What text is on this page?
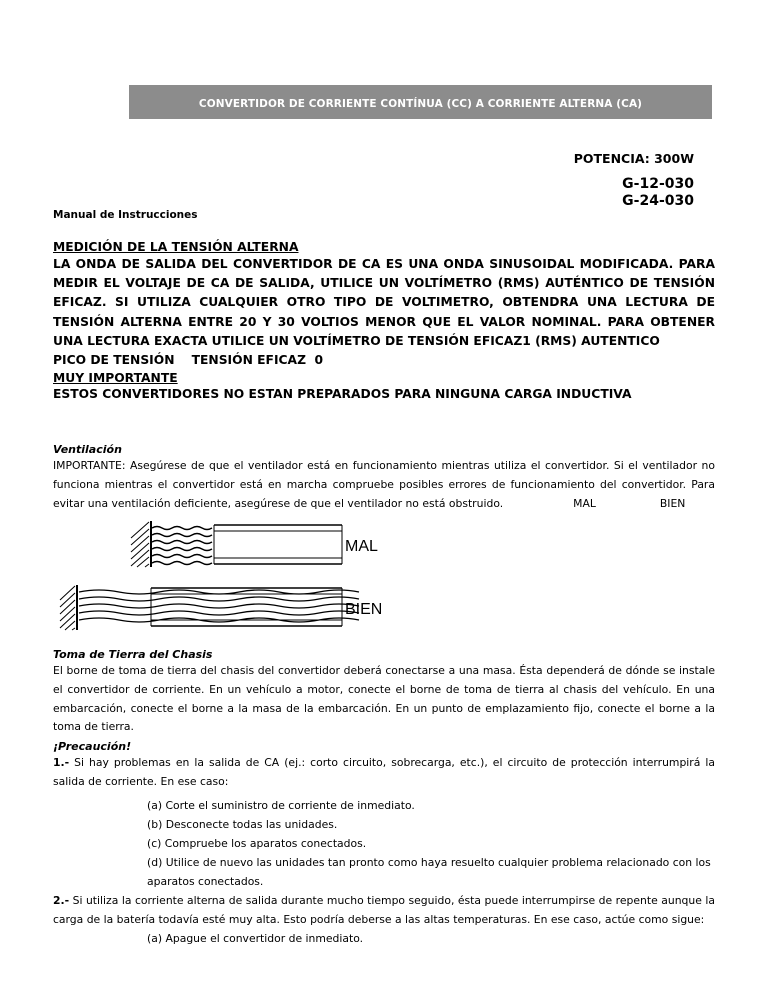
CONVERTIDOR DE CORRIENTE CONTÍNUA (CC) A CORRIENTE ALTERNA (CA)
POTENCIA: 300W
G-12-030
G-24-030
Manual de Instrucciones
MEDICIÓN DE LA TENSIÓN ALTERNA
LA ONDA DE SALIDA DEL CONVERTIDOR DE CA ES UNA ONDA SINUSOIDAL MODIFICADA. PARA MEDIR EL VOLTAJE DE CA DE SALIDA, UTILICE UN VOLTÍMETRO (RMS) AUTÉNTICO DE TENSIÓN EFICAZ. SI UTILIZA CUALQUIER OTRO TIPO DE VOLTIMETRO, OBTENDRA UNA LECTURA DE TENSIÓN ALTERNA ENTRE 20 Y 30 VOLTIOS MENOR QUE EL VALOR NOMINAL. PARA OBTENER UNA LECTURA EXACTA UTILICE UN VOLTÍMETRO DE TENSIÓN EFICAZ1 (RMS) AUTENTICO
PICO DE TENSIÓN    TENSIÓN EFICAZ  0
MUY IMPORTANTE
ESTOS CONVERTIDORES NO ESTAN PREPARADOS PARA NINGUNA CARGA INDUCTIVA
Ventilación
IMPORTANTE: Asegúrese de que el ventilador está en funcionamiento mientras utiliza el convertidor. Si el ventilador no funciona mientras el convertidor está en marcha compruebe posibles errores de funcionamiento del convertidor. Para evitar una ventilación deficiente, asegúrese de que el ventilador no está obstruido.	MAL	BIEN
MAL
BIEN
Toma de Tierra del Chasis
El borne de toma de tierra del chasis del convertidor deberá conectarse a una masa. Ésta dependerá de dónde se instale el convertidor de corriente. En un vehículo a motor, conecte el borne de toma de tierra al chasis del vehículo. En una embarcación, conecte el borne a la masa de la embarcación. En un punto de emplazamiento fijo, conecte el borne a la toma de tierra.
¡Precaución!
1.- Si hay problemas en la salida de CA (ej.: corto circuito, sobrecarga, etc.), el circuito de protección interrumpirá la salida de corriente. En ese caso:
(a) Corte el suministro de corriente de inmediato.
(b) Desconecte todas las unidades.
(c) Compruebe los aparatos conectados.
(d) Utilice de nuevo las unidades tan pronto como haya resuelto cualquier problema relacionado con los aparatos conectados.
2.- Si utiliza la corriente alterna de salida durante mucho tiempo seguido, ésta puede interrumpirse de repente aunque la carga de la batería todavía esté muy alta. Esto podría deberse a las altas temperaturas. En ese caso, actúe como sigue:
(a) Apague el convertidor de inmediato.
